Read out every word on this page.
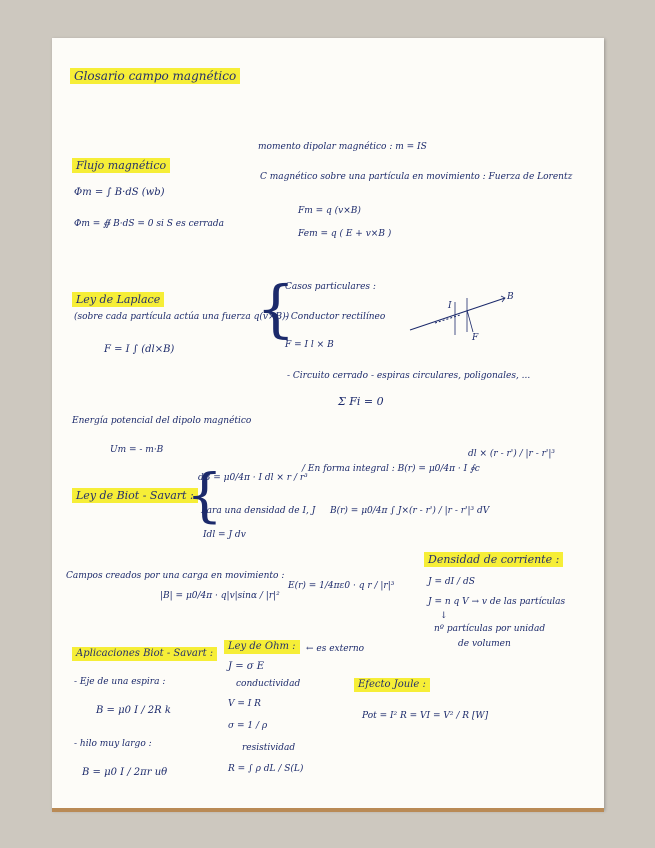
Glosario campo magnético
Flujo magnético
Φm = ∫ B·dS (wb)
Φm = ∯ B·dS = 0 si S es cerrada
momento dipolar magnético : m = IS
C magnético sobre una partícula en movimiento : Fuerza de Lorentz
Fm = q (v×B)
Fem = q ( E + v×B )
Ley de Laplace
(sobre cada partícula actúa una fuerza q(v×B))
F = I ∫ (dl×B)
{
Casos particulares :
- Conductor rectilíneo
F = I l × B
- Circuito cerrado - espiras circulares, poligonales, ...
Σ Fi = 0
B
I
F
Energía potencial del dipolo magnético
Um = - m·B
Ley de Biot - Savart :
{
dB = μ0/4π · I dl × r / r³
/ En forma integral : B(r) = μ0/4π · I ∮c
dl × (r - r') / |r - r'|³
Para una densidad de I, J B(r) = μ0/4π ∫ J×(r - r') / |r - r'|³ dV
Idl = J dv
Densidad de corriente :
J = dI / dS
J = n q V → v de las partículas
↓
nº partículas por unidad
de volumen
Campos creados por una carga en movimiento :
|B| = μ0/4π · q|v|sinα / |r|²
E(r) = 1/4πε0 · q r / |r|³
Aplicaciones Biot - Savart :
- Eje de una espira :
B = μ0 I / 2R k
- hilo muy largo :
B = μ0 I / 2πr uθ
Ley de Ohm :	← es externo
J = σ E
conductividad
V = I R
σ = 1 / ρ
resistividad
R = ∫ ρ dL / S(L)
Efecto Joule :
Pot = I² R = VI = V² / R [W]
